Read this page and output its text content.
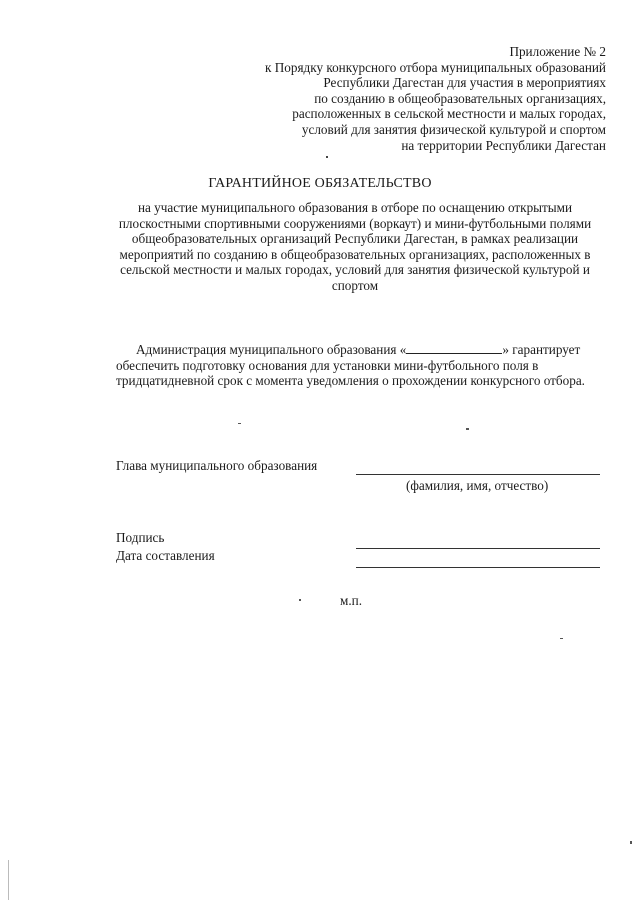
Приложение № 2
к Порядку конкурсного отбора муниципальных образований
Республики Дагестан для участия в мероприятиях
по созданию в общеобразовательных организациях,
расположенных в сельской местности и малых городах,
условий для занятия физической культурой и спортом
на территории Республики Дагестан
ГАРАНТИЙНОЕ ОБЯЗАТЕЛЬСТВО
на участие муниципального образования в отборе по оснащению открытыми плоскостными спортивными сооружениями (воркаут) и мини-футбольными полями общеобразовательных организаций Республики Дагестан, в рамках реализации мероприятий по созданию в общеобразовательных организациях, расположенных в сельской местности и малых городах, условий для занятия физической культурой и спортом
Администрация муниципального образования «	» гарантирует
обеспечить подготовку основания для установки мини-футбольного поля в
тридцатидневной срок с момента уведомления о прохождении конкурсного отбора.
Глава муниципального образования
(фамилия, имя, отчество)
Подпись
Дата составления
м.п.
